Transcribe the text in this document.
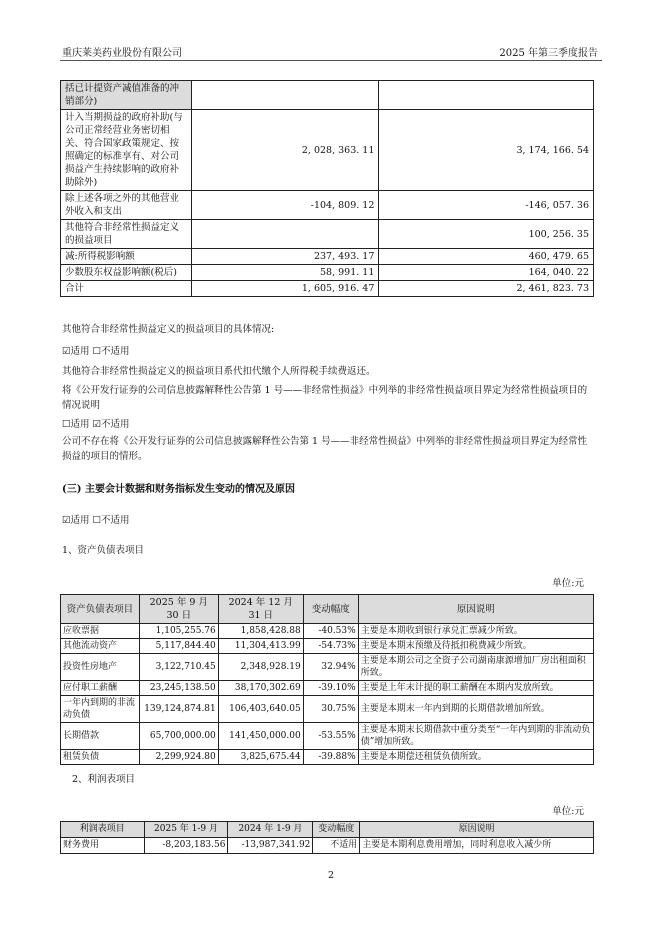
重庆莱美药业股份有限公司	2025 年第三季度报告
括已计提资产减值准备的冲销部分)		
计入当期损益的政府补助(与公司正常经营业务密切相关、符合国家政策规定、按照确定的标准享有、对公司损益产生持续影响的政府补助除外)	2, 028, 363. 11	3, 174, 166. 54
除上述各项之外的其他营业外收入和支出	-104, 809. 12	-146, 057. 36
其他符合非经常性损益定义的损益项目		100, 256. 35
减:所得税影响额	237, 493. 17	460, 479. 65
少数股东权益影响额(税后)	58, 991. 11	164, 040. 22
合计	1, 605, 916. 47	2, 461, 823. 73
其他符合非经常性损益定义的损益项目的具体情况:
☑适用 ☐不适用
其他符合非经常性损益定义的损益项目系代扣代缴个人所得税手续费返还。
将《公开发行证券的公司信息披露解释性公告第 1 号——非经常性损益》中列举的非经常性损益项目界定为经常性损益项目的情况说明
☐适用 ☑不适用
公司不存在将《公开发行证券的公司信息披露解释性公告第 1 号——非经常性损益》中列举的非经常性损益项目界定为经常性损益的项目的情形。
(三) 主要会计数据和财务指标发生变动的情况及原因
☑适用 ☐不适用
1、资产负债表项目
单位:元
资产负债表项目	2025 年 9 月 30 日	2024 年 12 月 31 日	变动幅度	原因说明
应收票据	1,105,255.76	1,858,428.88	-40.53%	主要是本期收到银行承兑汇票减少所致。
其他流动资产	5,117,844.40	11,304,413.99	-54.73%	主要是本期末预缴及待抵扣税费减少所致。
投资性房地产	3,122,710.45	2,348,928.19	32.94%	主要是本期公司之全资子公司湖南康源增加厂房出租面积所致。
应付职工薪酬	23,245,138.50	38,170,302.69	-39.10%	主要是上年末计提的职工薪酬在本期内发放所致。
一年内到期的非流动负债	139,124,874.81	106,403,640.05	30.75%	主要是本期末一年内到期的长期借款增加所致。
长期借款	65,700,000.00	141,450,000.00	-53.55%	主要是本期末长期借款中重分类至“一年内到期的非流动负债”增加所致。
租赁负债	2,299,924.80	3,825,675.44	-39.88%	主要是本期偿还租赁负债所致。
2、利润表项目
单位:元
利润表项目	2025 年 1-9 月	2024 年 1-9 月	变动幅度	原因说明
财务费用	-8,203,183.56	-13,987,341.92	不适用	主要是本期利息费用增加，同时利息收入减少所
2
